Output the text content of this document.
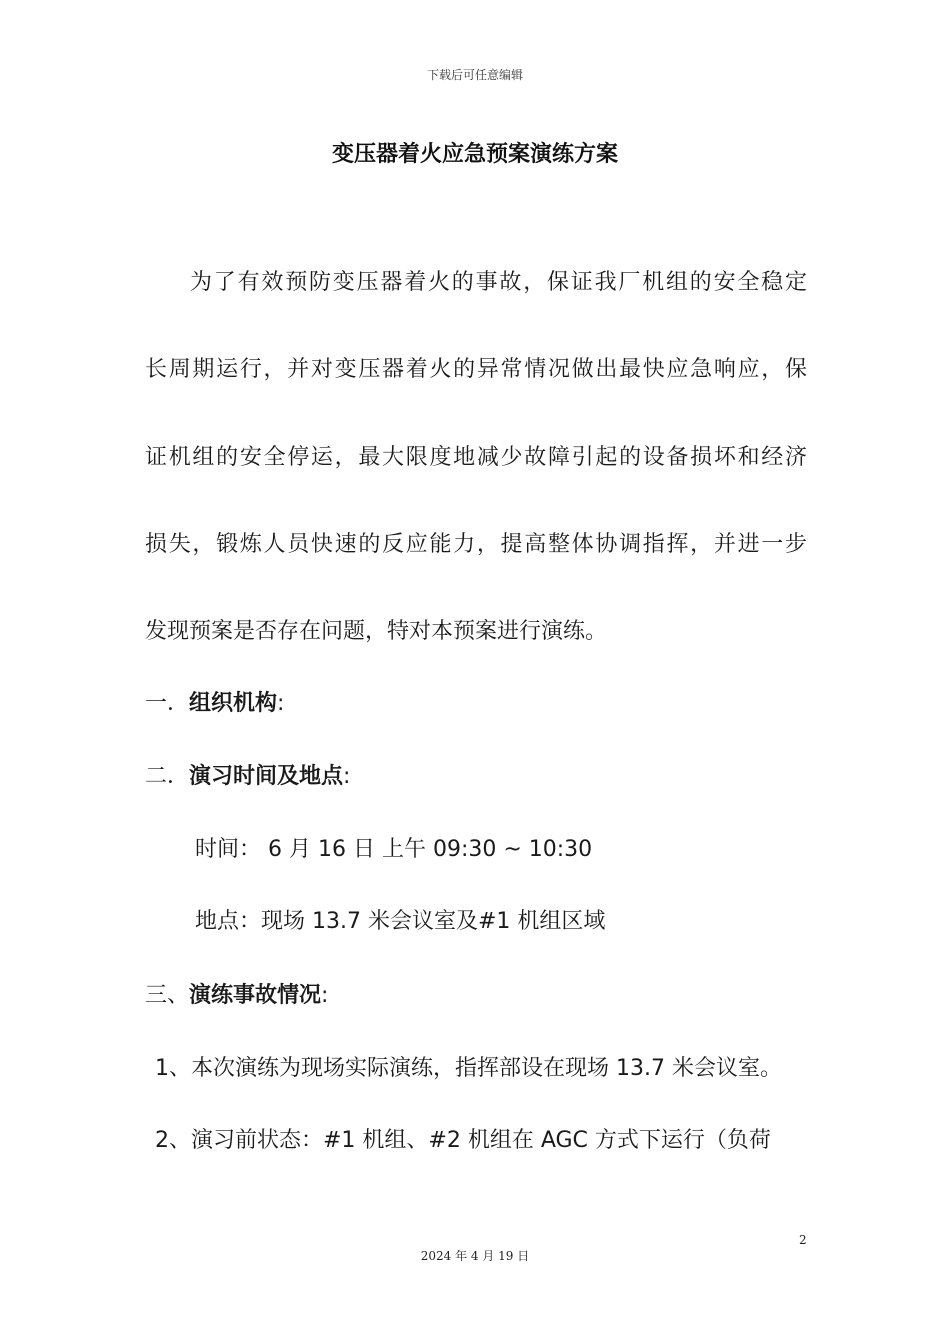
下载后可任意编辑
变压器着火应急预案演练方案
为了有效预防变压器着火的事故，保证我厂机组的安全稳定
长周期运行，并对变压器着火的异常情况做出最快应急响应，保
证机组的安全停运，最大限度地减少故障引起的设备损坏和经济
损失，锻炼人员快速的反应能力，提高整体协调指挥，并进一步
发现预案是否存在问题，特对本预案进行演练。
一．组织机构:
二．演习时间及地点:
时间： 6 月 16 日 上午 09:30 ~ 10:30
地点：现场 13.7 米会议室及#1 机组区域
三、演练事故情况:
1、本次演练为现场实际演练，指挥部设在现场 13.7 米会议室。
2、演习前状态：#1 机组、#2 机组在 AGC 方式下运行（负荷
2
2024 年 4 月 19 日
